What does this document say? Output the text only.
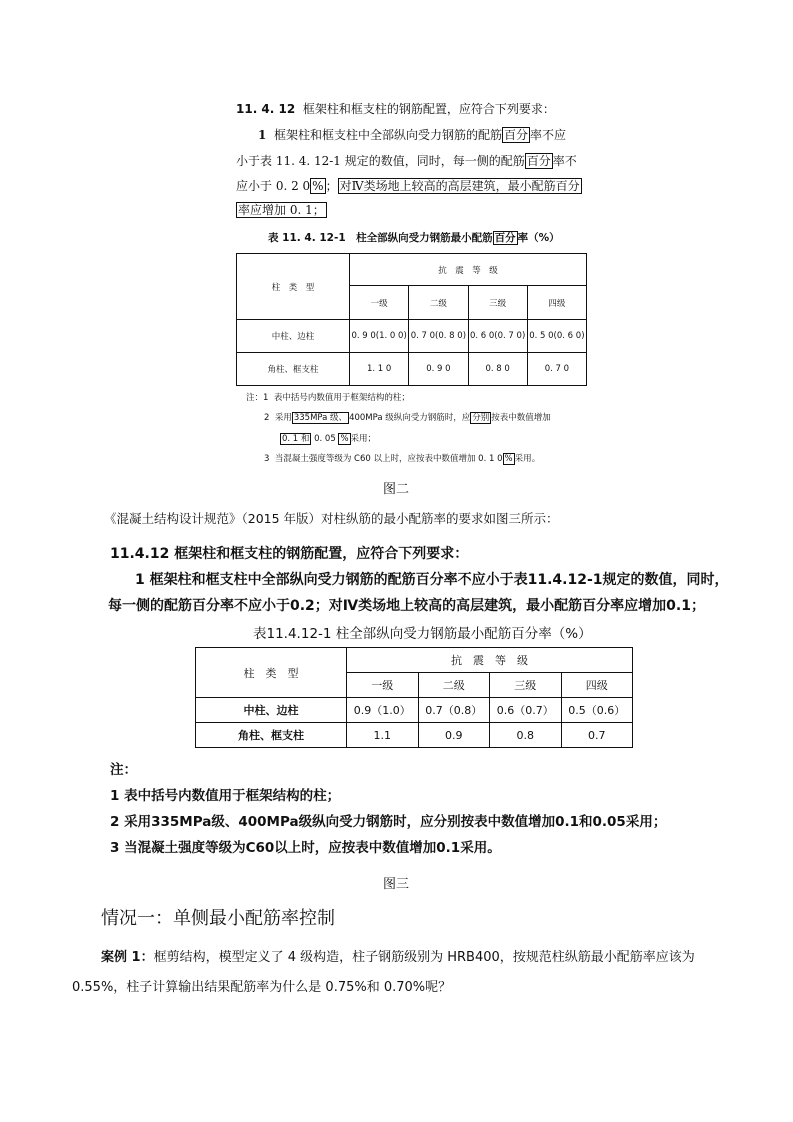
11. 4. 12 框架柱和框支柱的钢筋配置，应符合下列要求：
1 框架柱和框支柱中全部纵向受力钢筋的配筋 百分 率不应
小于表 11. 4. 12-1 规定的数值，同时，每一侧的配筋 百分 率不
应小于 0. 2 0 % ； 对Ⅳ类场地上较高的高层建筑，最小配筋百分
率应增加 0. 1；
表 11. 4. 12-1　柱全部纵向受力钢筋最小配筋 百分 率（%）
柱　类　型	抗　震　等　级			
	一级	二级	三级	四级
中柱、边柱	0. 9 0(1. 0 0)	0. 7 0(0. 8 0)	0. 6 0(0. 7 0)	0. 5 0(0. 6 0)
角柱、框支柱	1. 1 0	0. 9 0	0. 8 0	0. 7 0
注：1 表中括号内数值用于框架结构的柱；
2 采用 335MPa 级、 400MPa 级纵向受力钢筋时，应 分别 按表中数值增加
0. 1 和 0. 05 % 采用；
3 当混凝土强度等级为 C60 以上时，应按表中数值增加 0. 1 0 % 采用。
图二
《混凝土结构设计规范》（2015 年版）对柱纵筋的最小配筋率的要求如图三所示：
11.4.12 框架柱和框支柱的钢筋配置，应符合下列要求：
1 框架柱和框支柱中全部纵向受力钢筋的配筋百分率不应小于表11.4.12-1规定的数值，同时，
每一侧的配筋百分率不应小于0.2；对Ⅳ类场地上较高的高层建筑，最小配筋百分率应增加0.1；
表11.4.12-1 柱全部纵向受力钢筋最小配筋百分率（%）
柱　类　型	抗　震　等　级			
	一级	二级	三级	四级
中柱、边柱	0.9（1.0）	0.7（0.8）	0.6（0.7）	0.5（0.6）
角柱、框支柱	1.1	0.9	0.8	0.7
注：
1 表中括号内数值用于框架结构的柱；
2 采用335MPa级、400MPa级纵向受力钢筋时，应分别按表中数值增加0.1和0.05采用；
3 当混凝土强度等级为C60以上时，应按表中数值增加0.1采用。
图三
情况一：单侧最小配筋率控制
案例 1：框剪结构，模型定义了 4 级构造，柱子钢筋级别为 HRB400，按规范柱纵筋最小配筋率应该为
0.55%，柱子计算输出结果配筋率为什么是 0.75%和 0.70%呢？
